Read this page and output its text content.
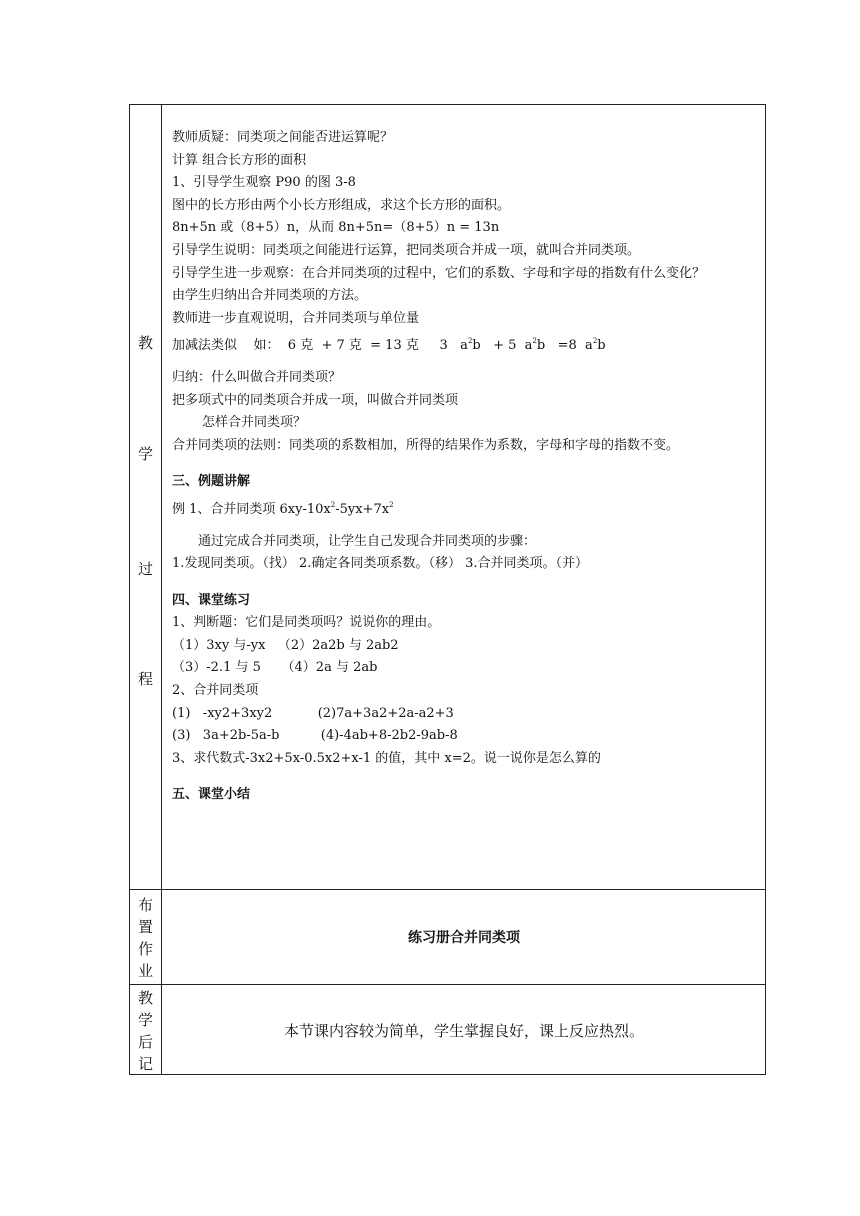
教
学
过
程
布
置
作
业
教
学
后
记
教师质疑：同类项之间能否进运算呢？
计算 组合长方形的面积
1、引导学生观察 P90 的图 3-8
图中的长方形由两个小长方形组成，求这个长方形的面积。
8n+5n 或（8+5）n，从而 8n+5n=（8+5）n = 13n
引导学生说明：同类项之间能进行运算，把同类项合并成一项，就叫合并同类项。
引导学生进一步观察：在合并同类项的过程中，它们的系数、字母和字母的指数有什么变化？
由学生归纳出合并同类项的方法。
教师进一步直观说明，合并同类项与单位量
加减法类似    如：  6 克  + 7 克  = 13 克     3   $a^2b + 5$  $a^2b =8$  $a^2b$
归纳：什么叫做合并同类项？
把多项式中的同类项合并成一项，叫做合并同类项
怎样合并同类项？
合并同类项的法则：同类项的系数相加，所得的结果作为系数，字母和字母的指数不变。
三、例题讲解
例 1、合并同类项 $6xy-10x^2-5yx+7x^2$
通过完成合并同类项，让学生自己发现合并同类项的步骤：
1.发现同类项。（找） 2.确定各同类项系数。（移） 3.合并同类项。（并）
四、课堂练习
1、判断题：它们是同类项吗？说说你的理由。
（1）3xy 与-yx   （2）2a2b 与 2ab2
（3）-2.1 与 5     （4）2a 与 2ab
2、合并同类项
(1)   -xy2+3xy2           (2)7a+3a2+2a-a2+3
(3)   3a+2b-5a-b          (4)-4ab+8-2b2-9ab-8
3、求代数式-3x2+5x-0.5x2+x-1 的值，其中 x=2。说一说你是怎么算的
五、课堂小结
练习册合并同类项
本节课内容较为简单，学生掌握良好，课上反应热烈。
